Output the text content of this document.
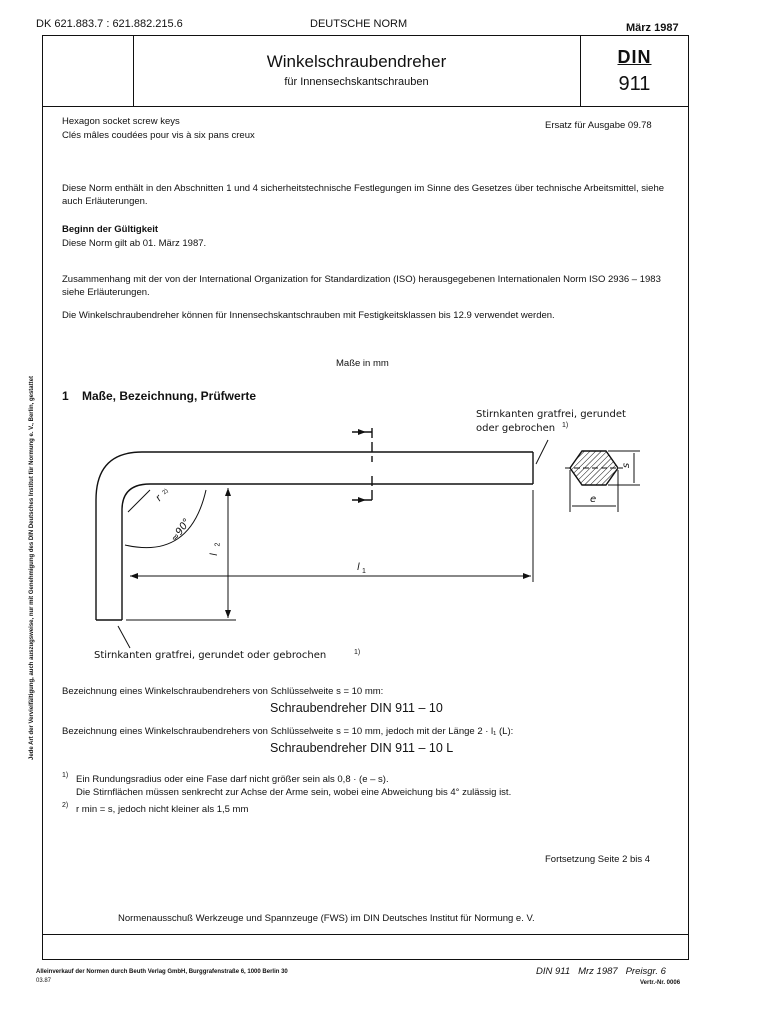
DK 621.883.7 : 621.882.215.6	DEUTSCHE NORM	März 1987
Winkelschraubendreher
für Innensechskantschrauben
DIN
911
Hexagon socket screw keys
Clés mâles coudées pour vis à six pans creux
Ersatz für Ausgabe 09.78
Diese Norm enthält in den Abschnitten 1 und 4 sicherheitstechnische Festlegungen im Sinne des Gesetzes über technische Arbeitsmittel, siehe auch Erläuterungen.
Beginn der Gültigkeit
Diese Norm gilt ab 01. März 1987.
Zusammenhang mit der von der International Organization for Standardization (ISO) herausgegebenen Internationalen Norm ISO 2936 – 1983 siehe Erläuterungen.
Die Winkelschraubendreher können für Innensechskantschrauben mit Festigkeitsklassen bis 12.9 verwendet werden.
Maße in mm
1 Maße, Bezeichnung, Prüfwerte
Stirnkanten gratfrei, gerundet
oder gebrochen 1)
Stirnkanten gratfrei, gerundet oder gebrochen	1)
r
2)
≈90°
l 1
l
2
s
e
Bezeichnung eines Winkelschraubendrehers von Schlüsselweite s = 10 mm:
Schraubendreher DIN 911 – 10
Bezeichnung eines Winkelschraubendrehers von Schlüsselweite s = 10 mm, jedoch mit der Länge 2 · l₁ (L):
Schraubendreher DIN 911 – 10 L
1) Ein Rundungsradius oder eine Fase darf nicht größer sein als 0,8 · (e – s).
Die Stirnflächen müssen senkrecht zur Achse der Arme sein, wobei eine Abweichung bis 4° zulässig ist.
2) r min = s, jedoch nicht kleiner als 1,5 mm
Fortsetzung Seite 2 bis 4
Normenausschuß Werkzeuge und Spannzeuge (FWS) im DIN Deutsches Institut für Normung e. V.
Jede Art der Vervielfältigung, auch auszugsweise, nur mit Genehmigung des DIN Deutsches Institut für Normung e. V., Berlin, gestattet
Alleinverkauf der Normen durch Beuth Verlag GmbH, Burggrafenstraße 6, 1000 Berlin 30
03.87
DIN 911   Mrz 1987   Preisgr. 6
Vertr.-Nr. 0006
